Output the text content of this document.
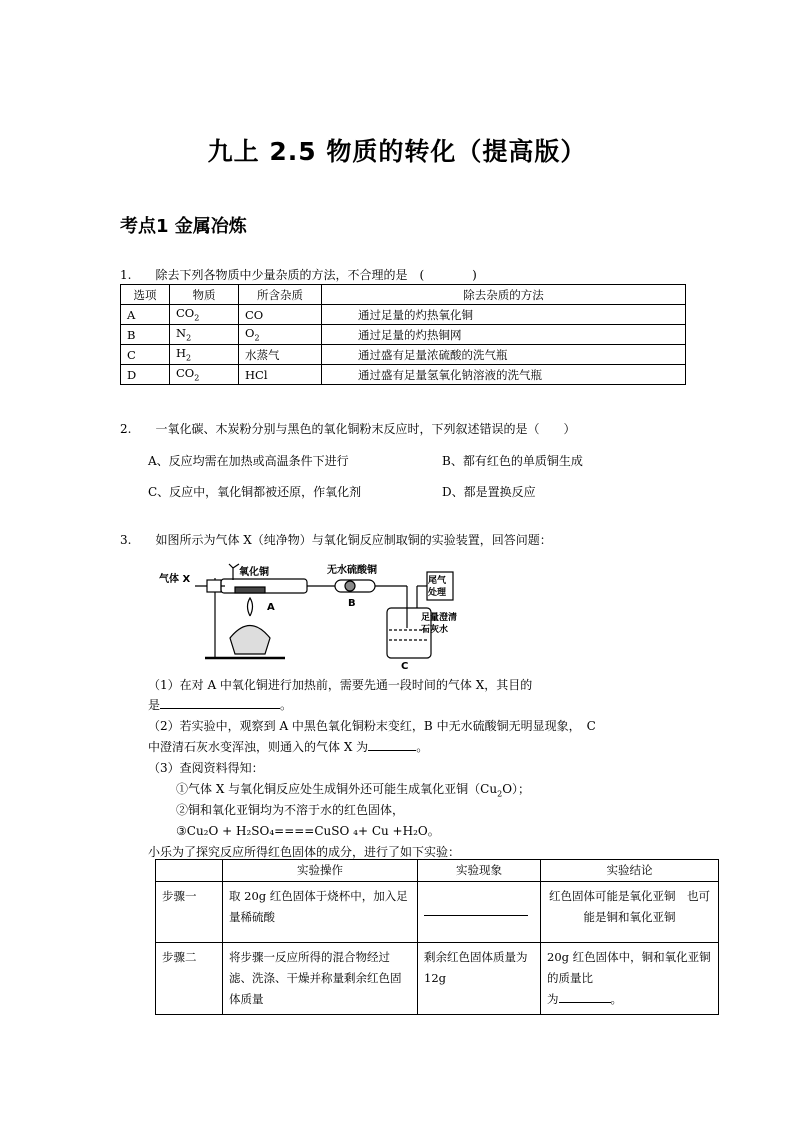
九上 2.5 物质的转化（提高版）
考点1 金属冶炼
1.　　除去下列各物质中少量杂质的方法，不合理的是　(　　　　)
选项	物质	所含杂质	除去杂质的方法
A	$CO_2$	CO	通过足量的灼热氧化铜
B	$N_2$	$O_2$	通过足量的灼热铜网
C	$H_2$	水蒸气	通过盛有足量浓硫酸的洗气瓶
D	$CO_2$	HCl	通过盛有足量氢氧化钠溶液的洗气瓶
2.　　一氧化碳、木炭粉分别与黑色的氧化铜粉末反应时，下列叙述错误的是（　　）
A、反应均需在加热或高温条件下进行	B、都有红色的单质铜生成
C、反应中，氧化铜都被还原，作氧化剂	D、都是置换反应
3.　　如图所示为气体 X（纯净物）与氧化铜反应制取铜的实验装置，回答问题：
气体 X
氧化铜	无水硫酸铜
尾气
处理
足量澄清
石灰水
A	B
C
（1）在对 A 中氧化铜进行加热前，需要先通一段时间的气体 X，其目的
是	。
（2）若实验中，观察到 A 中黑色氧化铜粉末变红，B 中无水硫酸铜无明显现象，　C
中澄清石灰水变浑浊，则通入的气体 X 为	。
（3）查阅资料得知：
①气体 X 与氧化铜反应处生成铜外还可能生成氧化亚铜$(Cu_2O)$；
②铜和氧化亚铜均为不溶于水的红色固体，
③Cu₂O + H₂SO₄====CuSO ₄+ Cu +H₂O。
小乐为了探究反应所得红色固体的成分，进行了如下实验：
	实验操作	实验现象	实验结论
步骤一	取 20g 红色固体于烧杯中，加入足量稀硫酸		红色固体可能是氧化亚铜　也可能是铜和氧化亚铜
步骤二	将步骤一反应所得的混合物经过滤、洗涤、干燥并称量剩余红色固体质量	剩余红色固体质量为 12g	20g 红色固体中，铜和氧化亚铜的质量比
为 。
